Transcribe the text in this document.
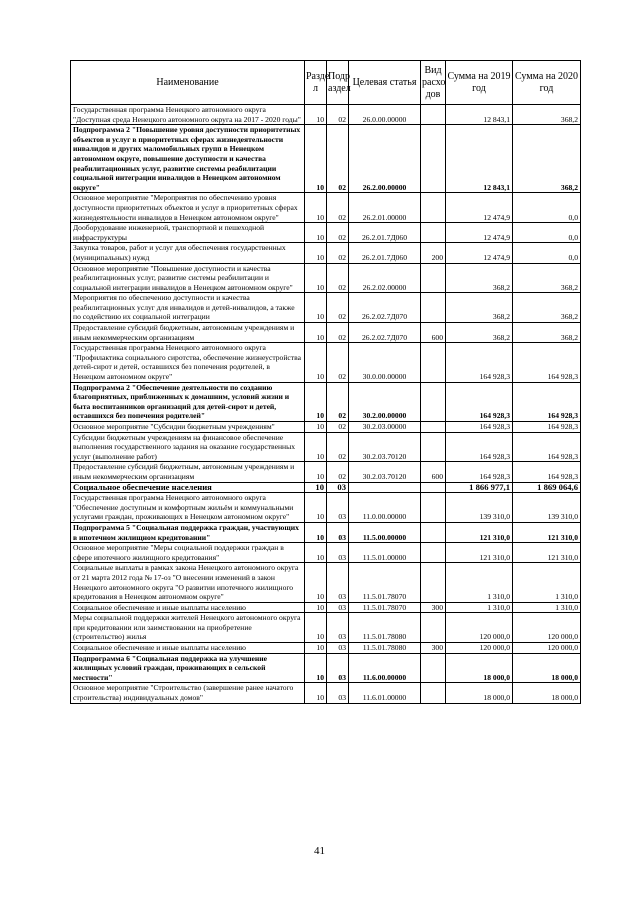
Наименование	Разде л	Подр аздел	Целевая статья	Вид расхо дов	Сумма на 2019 год	Сумма на 2020 год
Государственная программа Ненецкого автономного округа "Доступная среда Ненецкого автономного округа на 2017 - 2020 годы"	10	02	26.0.00.00000		12 843,1	368,2
Подпрограмма 2 "Повышение уровня доступности приоритетных объектов и услуг в приоритетных сферах жизнедеятельности инвалидов и других маломобильных групп в Ненецком автономном округе, повышение доступности и качества реабилитационных услуг, развитие системы реабилитации социальной интеграции инвалидов в Ненецком автономном округе"	10	02	26.2.00.00000		12 843,1	368,2
Основное мероприятие "Мероприятия по обеспечению уровня доступности приоритетных объектов и услуг в приоритетных сферах жизнедеятельности инвалидов в Ненецком автономном округе"	10	02	26.2.01.00000		12 474,9	0,0
Дооборудование инженерной, транспортной и пешеходной инфраструктуры	10	02	26.2.01.7Д060		12 474,9	0,0
Закупка товаров, работ и услуг для обеспечения государственных (муниципальных) нужд	10	02	26.2.01.7Д060	200	12 474,9	0,0
Основное мероприятие "Повышение доступности и качества реабилитационных услуг, развитие системы реабилитации и социальной интеграции инвалидов в Ненецком автономном округе"	10	02	26.2.02.00000		368,2	368,2
Мероприятия по обеспечению доступности и качества реабилитационных услуг для инвалидов и детей-инвалидов, а также по содействию их социальной интеграции	10	02	26.2.02.7Д070		368,2	368,2
Предоставление субсидий бюджетным, автономным учреждениям и иным некоммерческим организациям	10	02	26.2.02.7Д070	600	368,2	368,2
Государственная программа Ненецкого автономного округа "Профилактика социального сиротства, обеспечение жизнеустройства детей-сирот и детей, оставшихся без попечения родителей, в Ненецком автономном округе"	10	02	30.0.00.00000		164 928,3	164 928,3
Подпрограмма 2 "Обеспечение деятельности по созданию благоприятных, приближенных к домашним, условий жизни и быта воспитанников организаций для детей-сирот и детей, оставшихся без попечения родителей"	10	02	30.2.00.00000		164 928,3	164 928,3
Основное мероприятие "Субсидии бюджетным учреждениям"	10	02	30.2.03.00000		164 928,3	164 928,3
Субсидии бюджетным учреждениям на финансовое обеспечение выполнения государственного задания на оказание государственных услуг (выполнение работ)	10	02	30.2.03.70120		164 928,3	164 928,3
Предоставление субсидий бюджетным, автономным учреждениям и иным некоммерческим организациям	10	02	30.2.03.70120	600	164 928,3	164 928,3
Социальное обеспечение населения	10	03			1 866 977,1	1 869 064,6
Государственная программа Ненецкого автономного округа "Обеспечение доступным и комфортным жильём и коммунальными услугами граждан, проживающих в Ненецком автономном округе"	10	03	11.0.00.00000		139 310,0	139 310,0
Подпрограмма 5 "Социальная поддержка граждан, участвующих в ипотечном жилищном кредитовании"	10	03	11.5.00.00000		121 310,0	121 310,0
Основное мероприятие "Меры социальной поддержки граждан в сфере ипотечного жилищного кредитования"	10	03	11.5.01.00000		121 310,0	121 310,0
Социальные выплаты в рамках закона Ненецкого автономного округа от 21 марта 2012 года № 17-оз "О внесении изменений в закон Ненецкого автономного округа "О развитии ипотечного жилищного кредитования в Ненецком автономном округе"	10	03	11.5.01.78070		1 310,0	1 310,0
Социальное обеспечение и иные выплаты населению	10	03	11.5.01.78070	300	1 310,0	1 310,0
Меры социальной поддержки жителей Ненецкого автономного округа при кредитовании или заимствовании на приобретение (строительство) жилья	10	03	11.5.01.78080		120 000,0	120 000,0
Социальное обеспечение и иные выплаты населению	10	03	11.5.01.78080	300	120 000,0	120 000,0
Подпрограмма 6 "Социальная поддержка на улучшение жилищных условий граждан, проживающих в сельской местности"	10	03	11.6.00.00000		18 000,0	18 000,0
Основное мероприятие "Строительство (завершение ранее начатого строительства) индивидуальных домов"	10	03	11.6.01.00000		18 000,0	18 000,0
41
